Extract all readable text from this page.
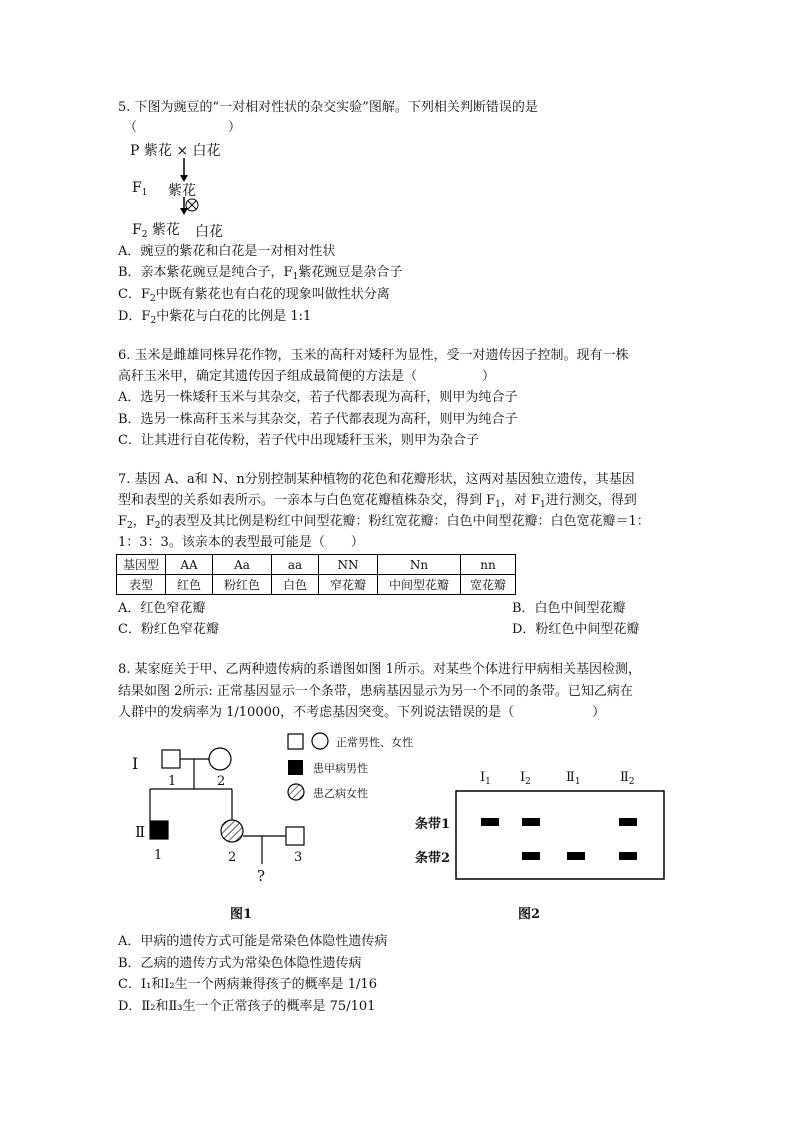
5. 下图为豌豆的“一对相对性状的杂交实验”图解。下列相关判断错误的是
（　　　　　　　）
P 紫花 × 白花
$F_1$ 紫花
$F_2$ 紫花 白花
A．豌豆的紫花和白花是一对相对性状
B．亲本紫花豌豆是纯合子，$F_1$紫花豌豆是杂合子
C．$F_2$中既有紫花也有白花的现象叫做性状分离
D．$F_2$中紫花与白花的比例是 1:1
6. 玉米是雌雄同株异花作物，玉米的高秆对矮秆为显性，受一对遗传因子控制。现有一株
高秆玉米甲，确定其遗传因子组成最简便的方法是（　　　　　）
A．选另一株矮秆玉米与其杂交，若子代都表现为高秆，则甲为纯合子
B．选另一株高秆玉米与其杂交，若子代都表现为高秆，则甲为纯合子
C．让其进行自花传粉，若子代中出现矮秆玉米，则甲为杂合子
7. 基因 A、a和 N、n分别控制某种植物的花色和花瓣形状，这两对基因独立遗传，其基因
型和表型的关系如表所示。一亲本与白色宽花瓣植株杂交，得到 $F_1$，对 $F_1$进行测交，得到
$F_2$，$F_2$的表型及其比例是粉红中间型花瓣：粉红宽花瓣：白色中间型花瓣：白色宽花瓣＝1：
1：3：3。该亲本的表型最可能是（　　）
基因型	AA	Aa	aa	NN	Nn	nn
表型	红色	粉红色	白色	窄花瓣	中间型花瓣	宽花瓣
A．红色窄花瓣	B．白色中间型花瓣
C．粉红色窄花瓣	D．粉红色中间型花瓣
8. 某家庭关于甲、乙两种遗传病的系谱图如图 1所示。对某些个体进行甲病相关基因检测，
结果如图 2所示: 正常基因显示一个条带，患病基因显示为另一个不同的条带。已知乙病在
人群中的发病率为 1/10000，不考虑基因突变。下列说法错误的是（　　　　　　）
Ⅰ
Ⅱ
1	2
1	2	3
?
正常男性、女性
患甲病男性
患乙病女性
图1
$Ⅰ_1$ $Ⅰ_2$	$Ⅱ_1$	$Ⅱ_2$
条带1
条带2
图2
A．甲病的遗传方式可能是常染色体隐性遗传病
B．乙病的遗传方式为常染色体隐性遗传病
C．Ⅰ₁和Ⅰ₂生一个两病兼得孩子的概率是 1/16
D．Ⅱ₂和Ⅱ₃生一个正常孩子的概率是 75/101
